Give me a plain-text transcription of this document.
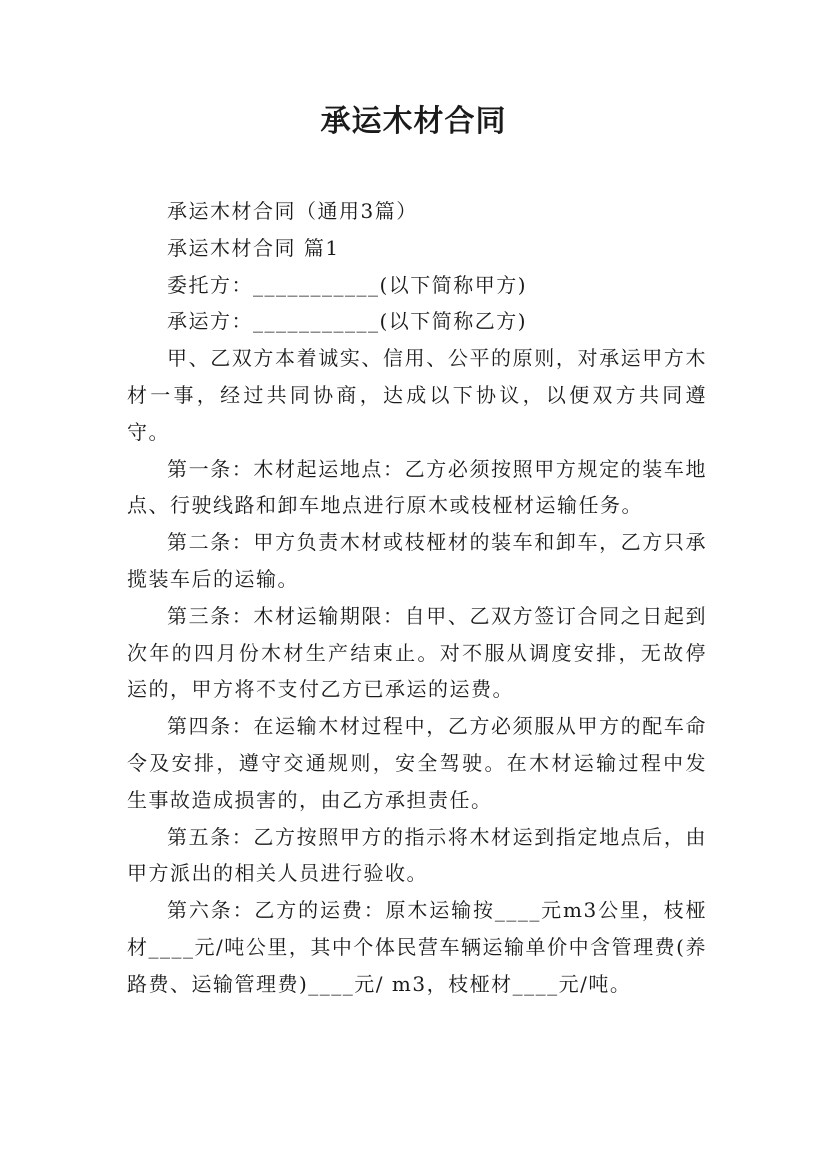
承运木材合同

承运木材合同（通用3篇）

承运木材合同 篇1

委托方：___________(以下简称甲方)

承运方：___________(以下简称乙方)

甲、乙双方本着诚实、信用、公平的原则，对承运甲方木材一事，经过共同协商，达成以下协议，以便双方共同遵守。

第一条：木材起运地点：乙方必须按照甲方规定的装车地点、行驶线路和卸车地点进行原木或枝桠材运输任务。

第二条：甲方负责木材或枝桠材的装车和卸车，乙方只承揽装车后的运输。

第三条：木材运输期限：自甲、乙双方签订合同之日起到次年的四月份木材生产结束止。对不服从调度安排，无故停运的，甲方将不支付乙方已承运的运费。

第四条：在运输木材过程中，乙方必须服从甲方的配车命令及安排，遵守交通规则，安全驾驶。在木材运输过程中发生事故造成损害的，由乙方承担责任。

第五条：乙方按照甲方的指示将木材运到指定地点后，由甲方派出的相关人员进行验收。

第六条：乙方的运费：原木运输按____元m3公里，枝桠材____元/吨公里，其中个体民营车辆运输单价中含管理费(养路费、运输管理费)____元/ m3，枝桠材____元/吨。
